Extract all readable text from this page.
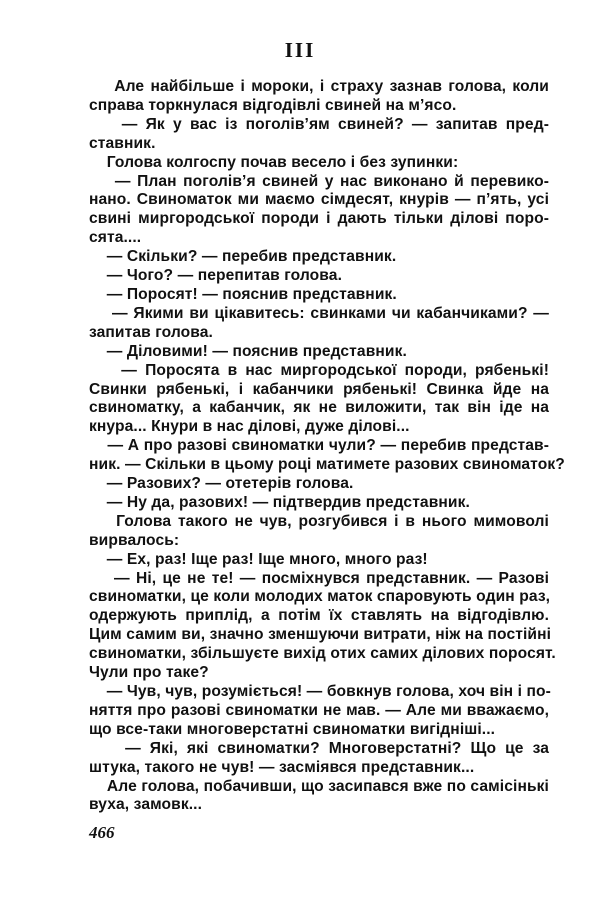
III
Але найбільше і мороки, і страху зазнав голова, коли
справа торкнулася відгодівлі свиней на м’ясо.
— Як у вас із поголів’ям свиней? — запитав пред-
ставник.
Голова колгоспу почав весело і без зупинки:
— План поголів’я свиней у нас виконано й перевико-
нано. Свиноматок ми маємо сімдесят, кнурів — п’ять, усі
свині миргородської породи і дають тільки ділові поро-
сята....
— Скільки? — перебив представник.
— Чого? — перепитав голова.
— Поросят! — пояснив представник.
— Якими ви цікавитесь: свинками чи кабанчиками? —
запитав голова.
— Діловими! — пояснив представник.
— Поросята в нас миргородської породи, рябенькі!
Свинки рябенькі, і кабанчики рябенькі! Свинка йде на
свиноматку, а кабанчик, як не виложити, так він іде на
кнура... Кнури в нас ділові, дуже ділові...
— А про разові свиноматки чули? — перебив представ-
ник. — Скільки в цьому році матимете разових свиноматок?
— Разових? — отетерів голова.
— Ну да, разових! — підтвердив представник.
Голова такого не чув, розгубився і в нього мимоволі
вирвалось:
— Ех, раз! Іще раз! Іще много, много раз!
— Ні, це не те! — посміхнувся представник. — Разові
свиноматки, це коли молодих маток спаровують один раз,
одержують приплід, а потім їх ставлять на відгодівлю.
Цим самим ви, значно зменшуючи витрати, ніж на постійні
свиноматки, збільшуєте вихід отих самих ділових поросят.
Чули про таке?
— Чув, чув, розуміється! — бовкнув голова, хоч він і по-
няття про разові свиноматки не мав. — Але ми вважаємо,
що все-таки многоверстатні свиноматки вигідніші...
— Які, які свиноматки? Многоверстатні? Що це за
штука, такого не чув! — засміявся представник...
Але голова, побачивши, що засипався вже по самісінькі
вуха, замовк...
466
